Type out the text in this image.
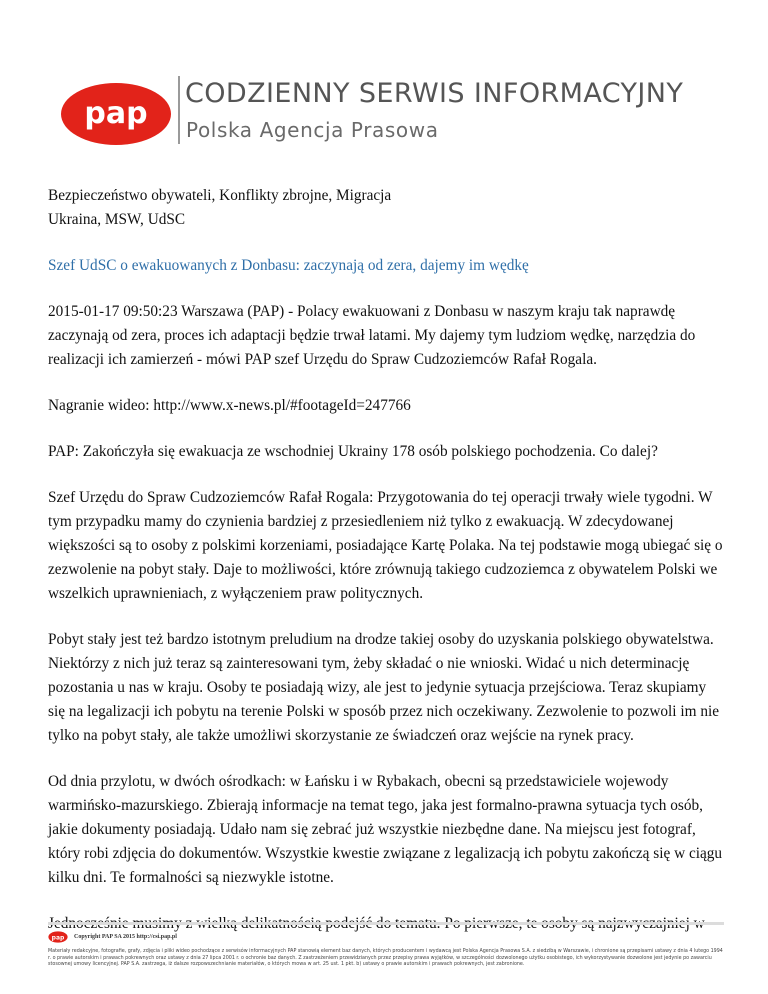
pap
CODZIENNY SERWIS INFORMACYJNY
Polska Agencja Prasowa

Bezpieczeństwo obywateli, Konflikty zbrojne, Migracja
Ukraina, MSW, UdSC

Szef UdSC o ewakuowanych z Donbasu: zaczynają od zera, dajemy im wędkę

2015-01-17 09:50:23 Warszawa (PAP) - Polacy ewakuowani z Donbasu w naszym kraju tak naprawdę zaczynają od zera, proces ich adaptacji będzie trwał latami. My dajemy tym ludziom wędkę, narzędzia do realizacji ich zamierzeń - mówi PAP szef Urzędu do Spraw Cudzoziemców Rafał Rogala.

Nagranie wideo: http://www.x-news.pl/#footageId=247766

PAP: Zakończyła się ewakuacja ze wschodniej Ukrainy 178 osób polskiego pochodzenia. Co dalej?

Szef Urzędu do Spraw Cudzoziemców Rafał Rogala: Przygotowania do tej operacji trwały wiele tygodni. W tym przypadku mamy do czynienia bardziej z przesiedleniem niż tylko z ewakuacją. W zdecydowanej większości są to osoby z polskimi korzeniami, posiadające Kartę Polaka. Na tej podstawie mogą ubiegać się o zezwolenie na pobyt stały. Daje to możliwości, które zrównują takiego cudzoziemca z obywatelem Polski we wszelkich uprawnieniach, z wyłączeniem praw politycznych.

Pobyt stały jest też bardzo istotnym preludium na drodze takiej osoby do uzyskania polskiego obywatelstwa. Niektórzy z nich już teraz są zainteresowani tym, żeby składać o nie wnioski. Widać u nich determinację pozostania u nas w kraju. Osoby te posiadają wizy, ale jest to jedynie sytuacja przejściowa. Teraz skupiamy się na legalizacji ich pobytu na terenie Polski w sposób przez nich oczekiwany. Zezwolenie to pozwoli im nie tylko na pobyt stały, ale także umożliwi skorzystanie ze świadczeń oraz wejście na rynek pracy.

Od dnia przylotu, w dwóch ośrodkach: w Łańsku i w Rybakach, obecni są przedstawiciele wojewody warmińsko-mazurskiego. Zbierają informacje na temat tego, jaka jest formalno-prawna sytuacja tych osób, jakie dokumenty posiadają. Udało nam się zebrać już wszystkie niezbędne dane. Na miejscu jest fotograf, który robi zdjęcia do dokumentów. Wszystkie kwestie związane z legalizacją ich pobytu zakończą się w ciągu kilku dni. Te formalności są niezwykle istotne.

pap Copyright PAP SA 2015 http://csi.pap.pl
Materiały redakcyjne, fotografie, grafy, zdjęcia i pliki wideo pochodzące z serwisów informacyjnych PAP stanowią element baz danych, których producentem i wydawcą jest Polska Agencja Prasowa S.A. z siedzibą w Warszawie, i chronione są przepisami ustawy z dnia 4 lutego 1994 r. o prawie autorskim i prawach pokrewnych oraz ustawy z dnia 27 lipca 2001 r. o ochronie baz danych. Z zastrzeżeniem przewidzianych przez przepisy prawa wyjątków, w szczególności dozwolonego użytku osobistego, ich wykorzystywanie dozwolone jest jedynie po zawarciu stosownej umowy licencyjnej. PAP S.A. zastrzega, iż dalsze rozpowszechnianie materiałów, o których mowa w art. 25 ust. 1 pkt. b) ustawy o prawie autorskim i prawach pokrewnych, jest zabronione.
